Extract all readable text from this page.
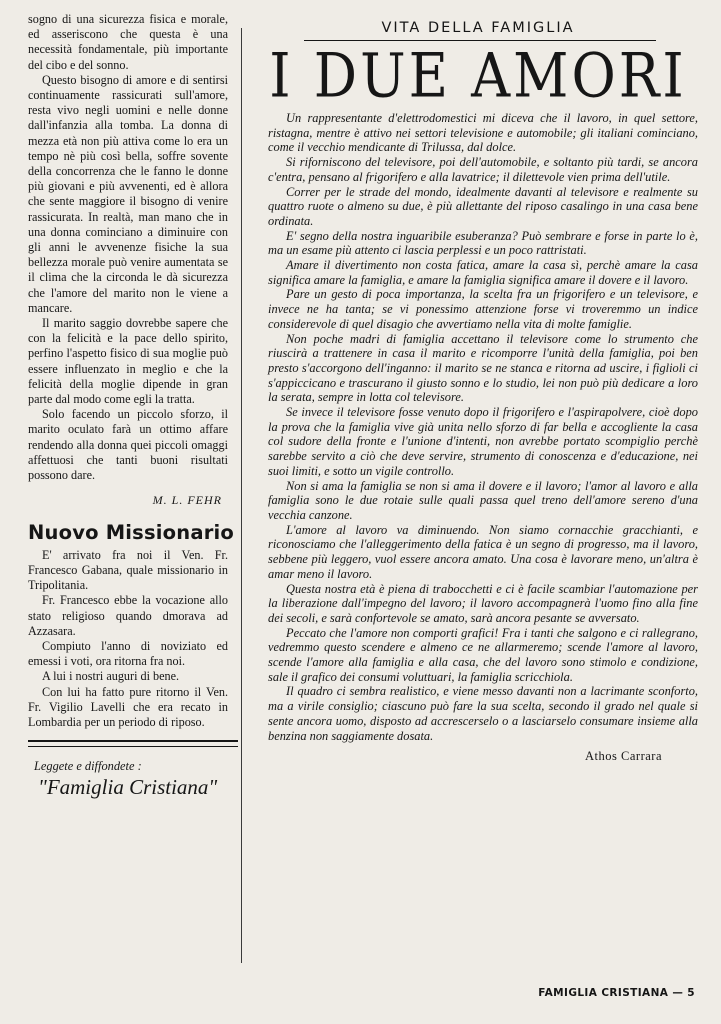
sogno di una sicurezza fisica e morale, ed asseriscono che questa è una necessità fondamentale, più importante del cibo e del sonno.

Questo bisogno di amore e di sentirsi continuamente rassicurati sull'amore, resta vivo negli uomini e nelle donne dall'infanzia alla tomba. La donna di mezza età non più attiva come lo era un tempo nè più così bella, soffre sovente della concorrenza che le fanno le donne più giovani e più avvenenti, ed è allora che sente maggiore il bisogno di venire rassicurata. In realtà, man mano che in una donna cominciano a diminuire con gli anni le avvenenze fisiche la sua bellezza morale può venire aumentata se il clima che la circonda le dà sicurezza che l'amore del marito non le viene a mancare.

Il marito saggio dovrebbe sapere che con la felicità e la pace dello spirito, perfino l'aspetto fisico di sua moglie può essere influenzato in meglio e che la felicità della moglie dipende in gran parte dal modo come egli la tratta.

Solo facendo un piccolo sforzo, il marito oculato farà un ottimo affare rendendo alla donna quei piccoli omaggi affettuosi che tanti buoni risultati possono dare.

M. L. FEHR
Nuovo Missionario

E' arrivato fra noi il Ven. Fr. Francesco Gabana, quale missionario in Tripolitania.

Fr. Francesco ebbe la vocazione allo stato religioso quando dmorava ad Azzasara.

Compiuto l'anno di noviziato ed emessi i voti, ora ritorna fra noi.

A lui i nostri auguri di bene.

Con lui ha fatto pure ritorno il Ven. Fr. Vigilio Lavelli che era recato in Lombardia per un periodo di riposo.

Leggete e diffondete :
"Famiglia Cristiana"
VITA DELLA FAMIGLIA
I DUE AMORI

Un rappresentante d'elettrodomestici mi diceva che il lavoro, in quel settore, ristagna, mentre è attivo nei settori televisione e automobile; gli italiani cominciano, come il vecchio mendicante di Trilussa, dal dolce.

Si riforniscono del televisore, poi dell'automobile, e soltanto più tardi, se ancora c'entra, pensano al frigorifero e alla lavatrice; il dilettevole vien prima dell'utile.

Correr per le strade del mondo, idealmente davanti al televisore e realmente su quattro ruote o almeno su due, è più allettante del riposo casalingo in una casa bene ordinata.

E' segno della nostra inguaribile esuberanza? Può sembrare e forse in parte lo è, ma un esame più attento ci lascia perplessi e un poco rattristati.

Amare il divertimento non costa fatica, amare la casa sì, perchè amare la casa significa amare la famiglia, e amare la famiglia significa amare il dovere e il lavoro.

Pare un gesto di poca importanza, la scelta fra un frigorifero e un televisore, e invece ne ha tanta; se vi ponessimo attenzione forse vi troveremmo un indice considerevole di quel disagio che avvertiamo nella vita di molte famiglie.

Non poche madri di famiglia accettano il televisore come lo strumento che riuscirà a trattenere in casa il marito e ricomporre l'unità della famiglia, poi ben presto s'accorgono dell'inganno: il marito se ne stanca e ritorna ad uscire, i figlioli ci s'appiccicano e trascurano il giusto sonno e lo studio, lei non può più dedicare a loro la serata, sempre in lotta col televisore.

Se invece il televisore fosse venuto dopo il frigorifero e l'aspirapolvere, cioè dopo la prova che la famiglia vive già unita nello sforzo di far bella e accogliente la casa col sudore della fronte e l'unione d'intenti, non avrebbe portato scompiglio perchè sarebbe servito a ciò che deve servire, strumento di conoscenza e d'educazione, nei suoi limiti, e sotto un vigile controllo.

Non si ama la famiglia se non si ama il dovere e il lavoro; l'amor al lavoro e alla famiglia sono le due rotaie sulle quali passa quel treno dell'amore sereno d'una vecchia canzone.

L'amore al lavoro va diminuendo. Non siamo cornacchie gracchianti, e riconosciamo che l'alleggerimento della fatica è un segno di progresso, ma il lavoro, sebbene più leggero, vuol essere ancora amato. Una cosa è lavorare meno, un'altra è amar meno il lavoro.

Questa nostra età è piena di trabocchetti e ci è facile scambiar l'automazione per la liberazione dall'impegno del lavoro; il lavoro accompagnerà l'uomo fino alla fine dei secoli, e sarà confortevole se amato, sarà ancora pesante se avversato.

Peccato che l'amore non comporti grafici! Fra i tanti che salgono e ci rallegrano, vedremmo questo scendere e almeno ce ne allarmeremo; scende l'amore al lavoro, scende l'amore alla famiglia e alla casa, che del lavoro sono stimolo e condizione, sale il grafico dei consumi voluttuari, la famiglia scricchiola.

Il quadro ci sembra realistico, e viene messo davanti non a lacrimante sconforto, ma a virile consiglio; ciascuno può fare la sua scelta, secondo il grado nel quale si sente ancora uomo, disposto ad accrescerselo o a lasciarselo consumare insieme alla benzina non saggiamente dosata.

Athos Carrara
FAMIGLIA CRISTIANA — 5
